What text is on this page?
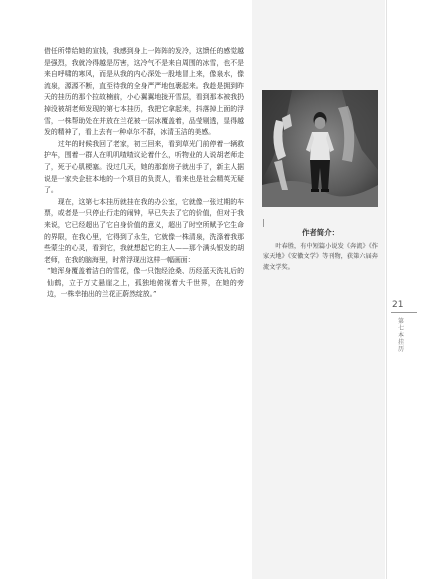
借任所带给她的宣钱，我感到身上一阵阵的发冷，这馈任的感觉越是强烈，我就冷得越是厉害，这冷气不是来自周围的冰雪，也不是来自呼啸的寒风，而是从我的内心深处一股地冒上来，像泉水，像流泉，源源不断，直至待我的全身严严地包裹起来。我趁是拥到昨天的挂历的那个拉故楠前，小心翼翼地拢开雪层，看到那本被我扔掉没被胡老师发现的第七本挂历，我把它拿起来，抖落掉上面的浮雪，一株帮助处在并放在兰花被一层冰覆盖着，品莹剔透，显得越发的精神了，看上去有一种卓尔不群，冰清玉洁的美感。

过年的时候我回了老家，初三回来，看到草光门前停着一辆救护车，围着一群人在叽叽喳喳议论着什么，听物业的人说胡老师走了，死于心肌梗塞。没过几天，她的那套房子就出手了，新主人据说是一家央企驻本地的一个项目的负责人，看来也是社会精英无疑了。

现在，这第七本挂历就挂在我的办公室，它就像一张过期的车票，或者是一只停止行走的闹钟，早已失去了它的价值，但对于我来说，它已经超出了它自身价值的意义，超出了时空所赋予它生命的界限，在我心里，它得到了永生，它就像一株清泉，洗涤着我那些蒙尘的心灵，看到它，我就想起它的主人——那个满头银发的胡老师，在我的脑海里，时常浮现出这样一幅画面：

“她浑身覆盖着洁白的雪花，像一只饱经沧桑、历经蓝天洗礼后的仙鹤，立于万丈悬崖之上，孤独地俯视着大千世界，在她的旁边，一株幸抽出的兰花正蔚然绽放。”

作者简介：
叶春胜，有中短篇小说发《奔流》《作家天地》《安徽文学》等刊物，获第六届奔流文学奖。
21
第七本挂历
